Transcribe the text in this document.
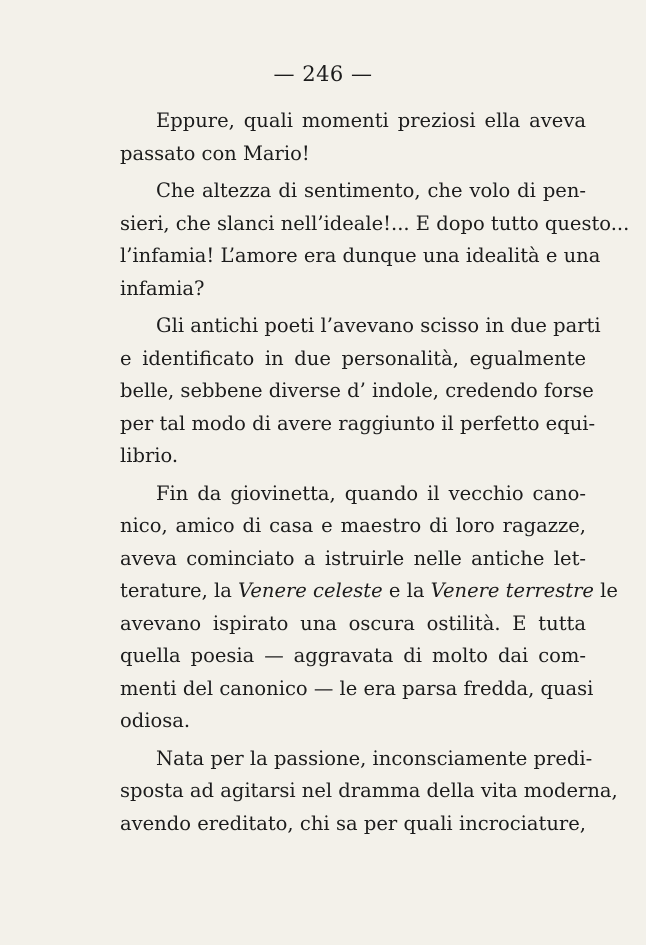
— 246 —
Eppure, quali momenti preziosi ella aveva
passato con Mario!
Che altezza di sentimento, che volo di pen-
sieri, che slanci nell’ideale!... E dopo tutto questo...
l’infamia! L’amore era dunque una idealità e una
infamia?
Gli antichi poeti l’avevano scisso in due parti
e identificato in due personalità, egualmente
belle, sebbene diverse d’ indole, credendo forse
per tal modo di avere raggiunto il perfetto equi-
librio.
Fin da giovinetta, quando il vecchio cano-
nico, amico di casa e maestro di loro ragazze,
aveva cominciato a istruirle nelle antiche let-
terature, la Venere celeste e la Venere terrestre le
avevano ispirato una oscura ostilità. E tutta
quella poesia — aggravata di molto dai com-
menti del canonico — le era parsa fredda, quasi
odiosa.
Nata per la passione, inconsciamente predi-
sposta ad agitarsi nel dramma della vita moderna,
avendo ereditato, chi sa per quali incrociature,
